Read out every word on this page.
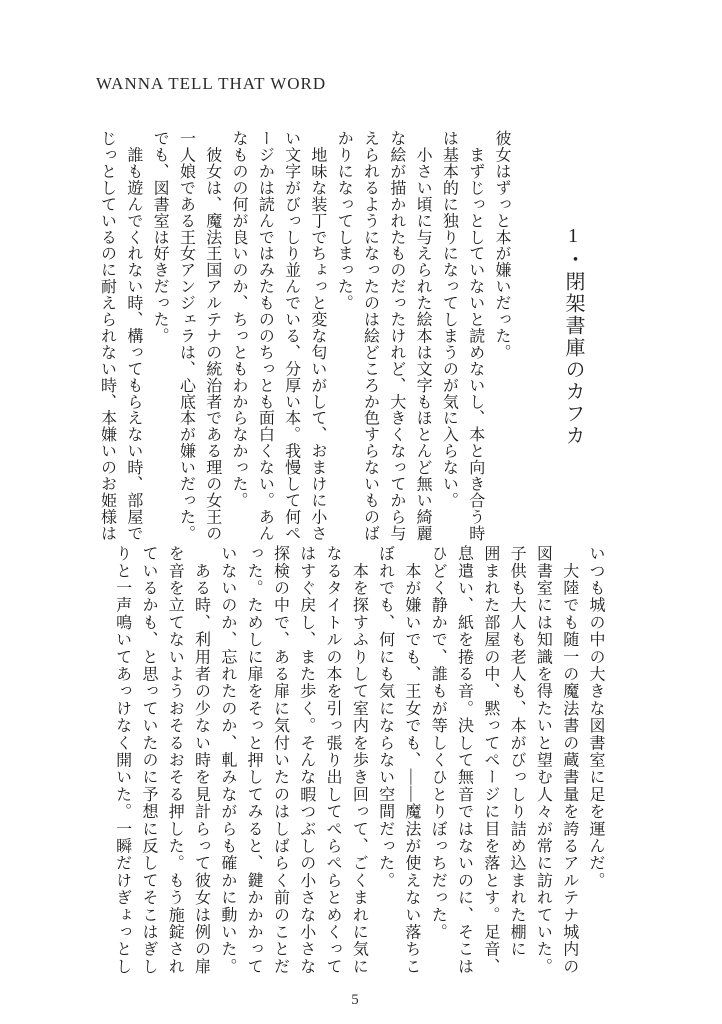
WANNA TELL THAT WORD

1・閉架書庫のカフカ

彼女はずっと本が嫌いだった。

　まずじっとしていないと読めないし、本と向き合う時

は基本的に独りになってしまうのが気に入らない。

　小さい頃に与えられた絵本は文字もほとんど無い綺麗

な絵が描かれたものだったけれど、大きくなってから与

えられるようになったのは絵どころか色すらないものば

かりになってしまった。

　地味な装丁でちょっと変な匂いがして、おまけに小さ

い文字がびっしり並んでいる、分厚い本。我慢して何ペ

ージかは読んではみたもののちっとも面白くない。あん

なものの何が良いのか、ちっともわからなかった。

　彼女は、魔法王国アルテナの統治者である理の女王の

一人娘である王女アンジェラは、心底本が嫌いだった。

でも、図書室は好きだった。

　誰も遊んでくれない時、構ってもらえない時、部屋で

じっとしているのに耐えられない時、本嫌いのお姫様は

いつも城の中の大きな図書室に足を運んだ。

　大陸でも随一の魔法書の蔵書量を誇るアルテナ城内の

図書室には知識を得たいと望む人々が常に訪れていた。

子供も大人も老人も、本がびっしり詰め込まれた棚に

囲まれた部屋の中、黙ってページに目を落とす。足音、

息遣い、紙を捲る音。決して無音ではないのに、そこは

ひどく静かで、誰もが等しくひとりぼっちだった。

　本が嫌いでも、王女でも、――魔法が使えない落ちこ

ぼれでも、何にも気にならない空間だった。

　本を探すふりして室内を歩き回って、ごくまれに気に

なるタイトルの本を引っ張り出してぺらぺらとめくって

はすぐ戻し、また歩く。そんな暇つぶしの小さな小さな

探検の中で、ある扉に気付いたのはしばらく前のことだ

った。ためしに扉をそっと押してみると、鍵かかかって

いないのか、忘れたのか、軋みながらも確かに動いた。

　ある時、利用者の少ない時を見計らって彼女は例の扉

を音を立てないようおそるおそる押した。もう施錠され

ているかも、と思っていたのに予想に反してそこはぎし

りと一声鳴いてあっけなく開いた。一瞬だけぎょっとし

5
